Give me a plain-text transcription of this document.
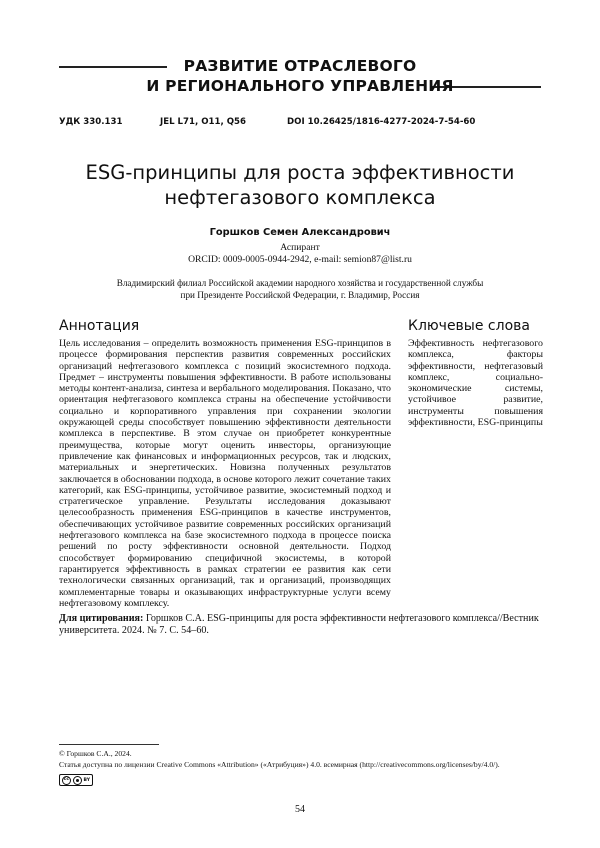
РАЗВИТИЕ ОТРАСЛЕВОГО
И РЕГИОНАЛЬНОГО УПРАВЛЕНИЯ
УДК 330.131	JEL L71, O11, Q56	DOI 10.26425/1816-4277-2024-7-54-60
ESG-принципы для роста эффективности
нефтегазового комплекса
Горшков Семен Александрович
Аспирант
ORCID: 0009-0005-0944-2942, e-mail: semion87@list.ru
Владимирский филиал Российской академии народного хозяйства и государственной службы
при Президенте Российской Федерации, г. Владимир, Россия
Аннотация
Цель исследования – определить возможность применения ESG-принципов в процессе формирования перспектив развития современных российских организаций нефтегазового комплекса с позиций экосистемного подхода. Предмет – инструменты повышения эффективности. В работе использованы методы контент-анализа, синтеза и вербального моделирования. Показано, что ориентация нефтегазового комплекса страны на обеспечение устойчивости социально и корпоративного управления при сохранении экологии окружающей среды способствует повышению эффективности деятельности комплекса в перспективе. В этом случае он приобретет конкурентные преимущества, которые могут оценить инвесторы, организующие привлечение как финансовых и информационных ресурсов, так и людских, материальных и энергетических. Новизна полученных результатов заключается в обосновании подхода, в основе которого лежит сочетание таких категорий, как ESG-принципы, устойчивое развитие, экосистемный подход и стратегическое управление. Результаты исследования доказывают целесообразность применения ESG-принципов в качестве инструментов, обеспечивающих устойчивое развитие современных российских организаций нефтегазового комплекса на базе экосистемного подхода в процессе поиска решений по росту эффективности основной деятельности. Подход способствует формированию специфичной экосистемы, в которой гарантируется эффективность в рамках стратегии ее развития как сети технологически связанных организаций, так и организаций, производящих комплементарные товары и оказывающих инфраструктурные услуги всему нефтегазовому комплексу.
Ключевые слова
Эффективность нефтегазового комплекса, факторы эффективности, нефтегазовый комплекс, социально-экономические системы, устойчивое развитие, инструменты повышения эффективности, ESG-принципы
Для цитирования: Горшков С.А. ESG-принципы для роста эффективности нефтегазового комплекса//Вестник университета. 2024. № 7. С. 54–60.
© Горшков С.А., 2024.
Статья доступна по лицензии Creative Commons «Attribution» («Атрибуция») 4.0. всемирная (http://creativecommons.org/licenses/by/4.0/).
cc	BY
54
